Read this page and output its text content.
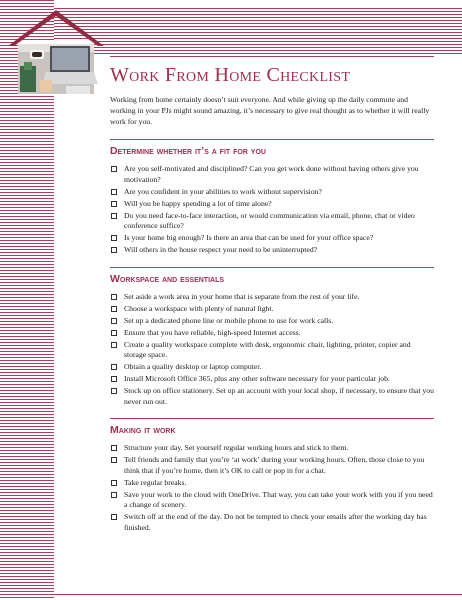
Work From Home Checklist

Working from home certainly doesn’t suit everyone. And while giving up the daily commute and working in your PJs might sound amazing, it’s necessary to give real thought as to whether it will really work for you.

Determine whether it’s a fit for you
Are you self-motivated and disciplined? Can you get work done without having others give you motivation?
Are you confident in your abilities to work without supervision?
Will you be happy spending a lot of time alone?
Do you need face-to-face interaction, or would communication via email, phone, chat or video conference suffice?
Is your home big enough? Is there an area that can be used for your office space?
Will others in the house respect your need to be uninterrupted?
Workspace and essentials
Set aside a work area in your home that is separate from the rest of your life.
Choose a workspace with plenty of natural light.
Set up a dedicated phone line or mobile phone to use for work calls.
Ensure that you have reliable, high-speed Internet access.
Create a quality workspace complete with desk, ergonomic chair, lighting, printer, copier and storage space.
Obtain a quality desktop or laptop computer.
Install Microsoft Office 365, plus any other software necessary for your particular job.
Stock up on office stationery. Set up an account with your local shop, if necessary, to ensure that you never run out.
Making it work
Structure your day. Set yourself regular working hours and stick to them.
Tell friends and family that you’re ‘at work’ during your working hours. Often, those close to you think that if you’re home, then it’s OK to call or pop in for a chat.
Take regular breaks.
Save your work to the cloud with OneDrive. That way, you can take your work with you if you need a change of scenery.
Switch off at the end of the day. Do not be tempted to check your emails after the working day has finished.
